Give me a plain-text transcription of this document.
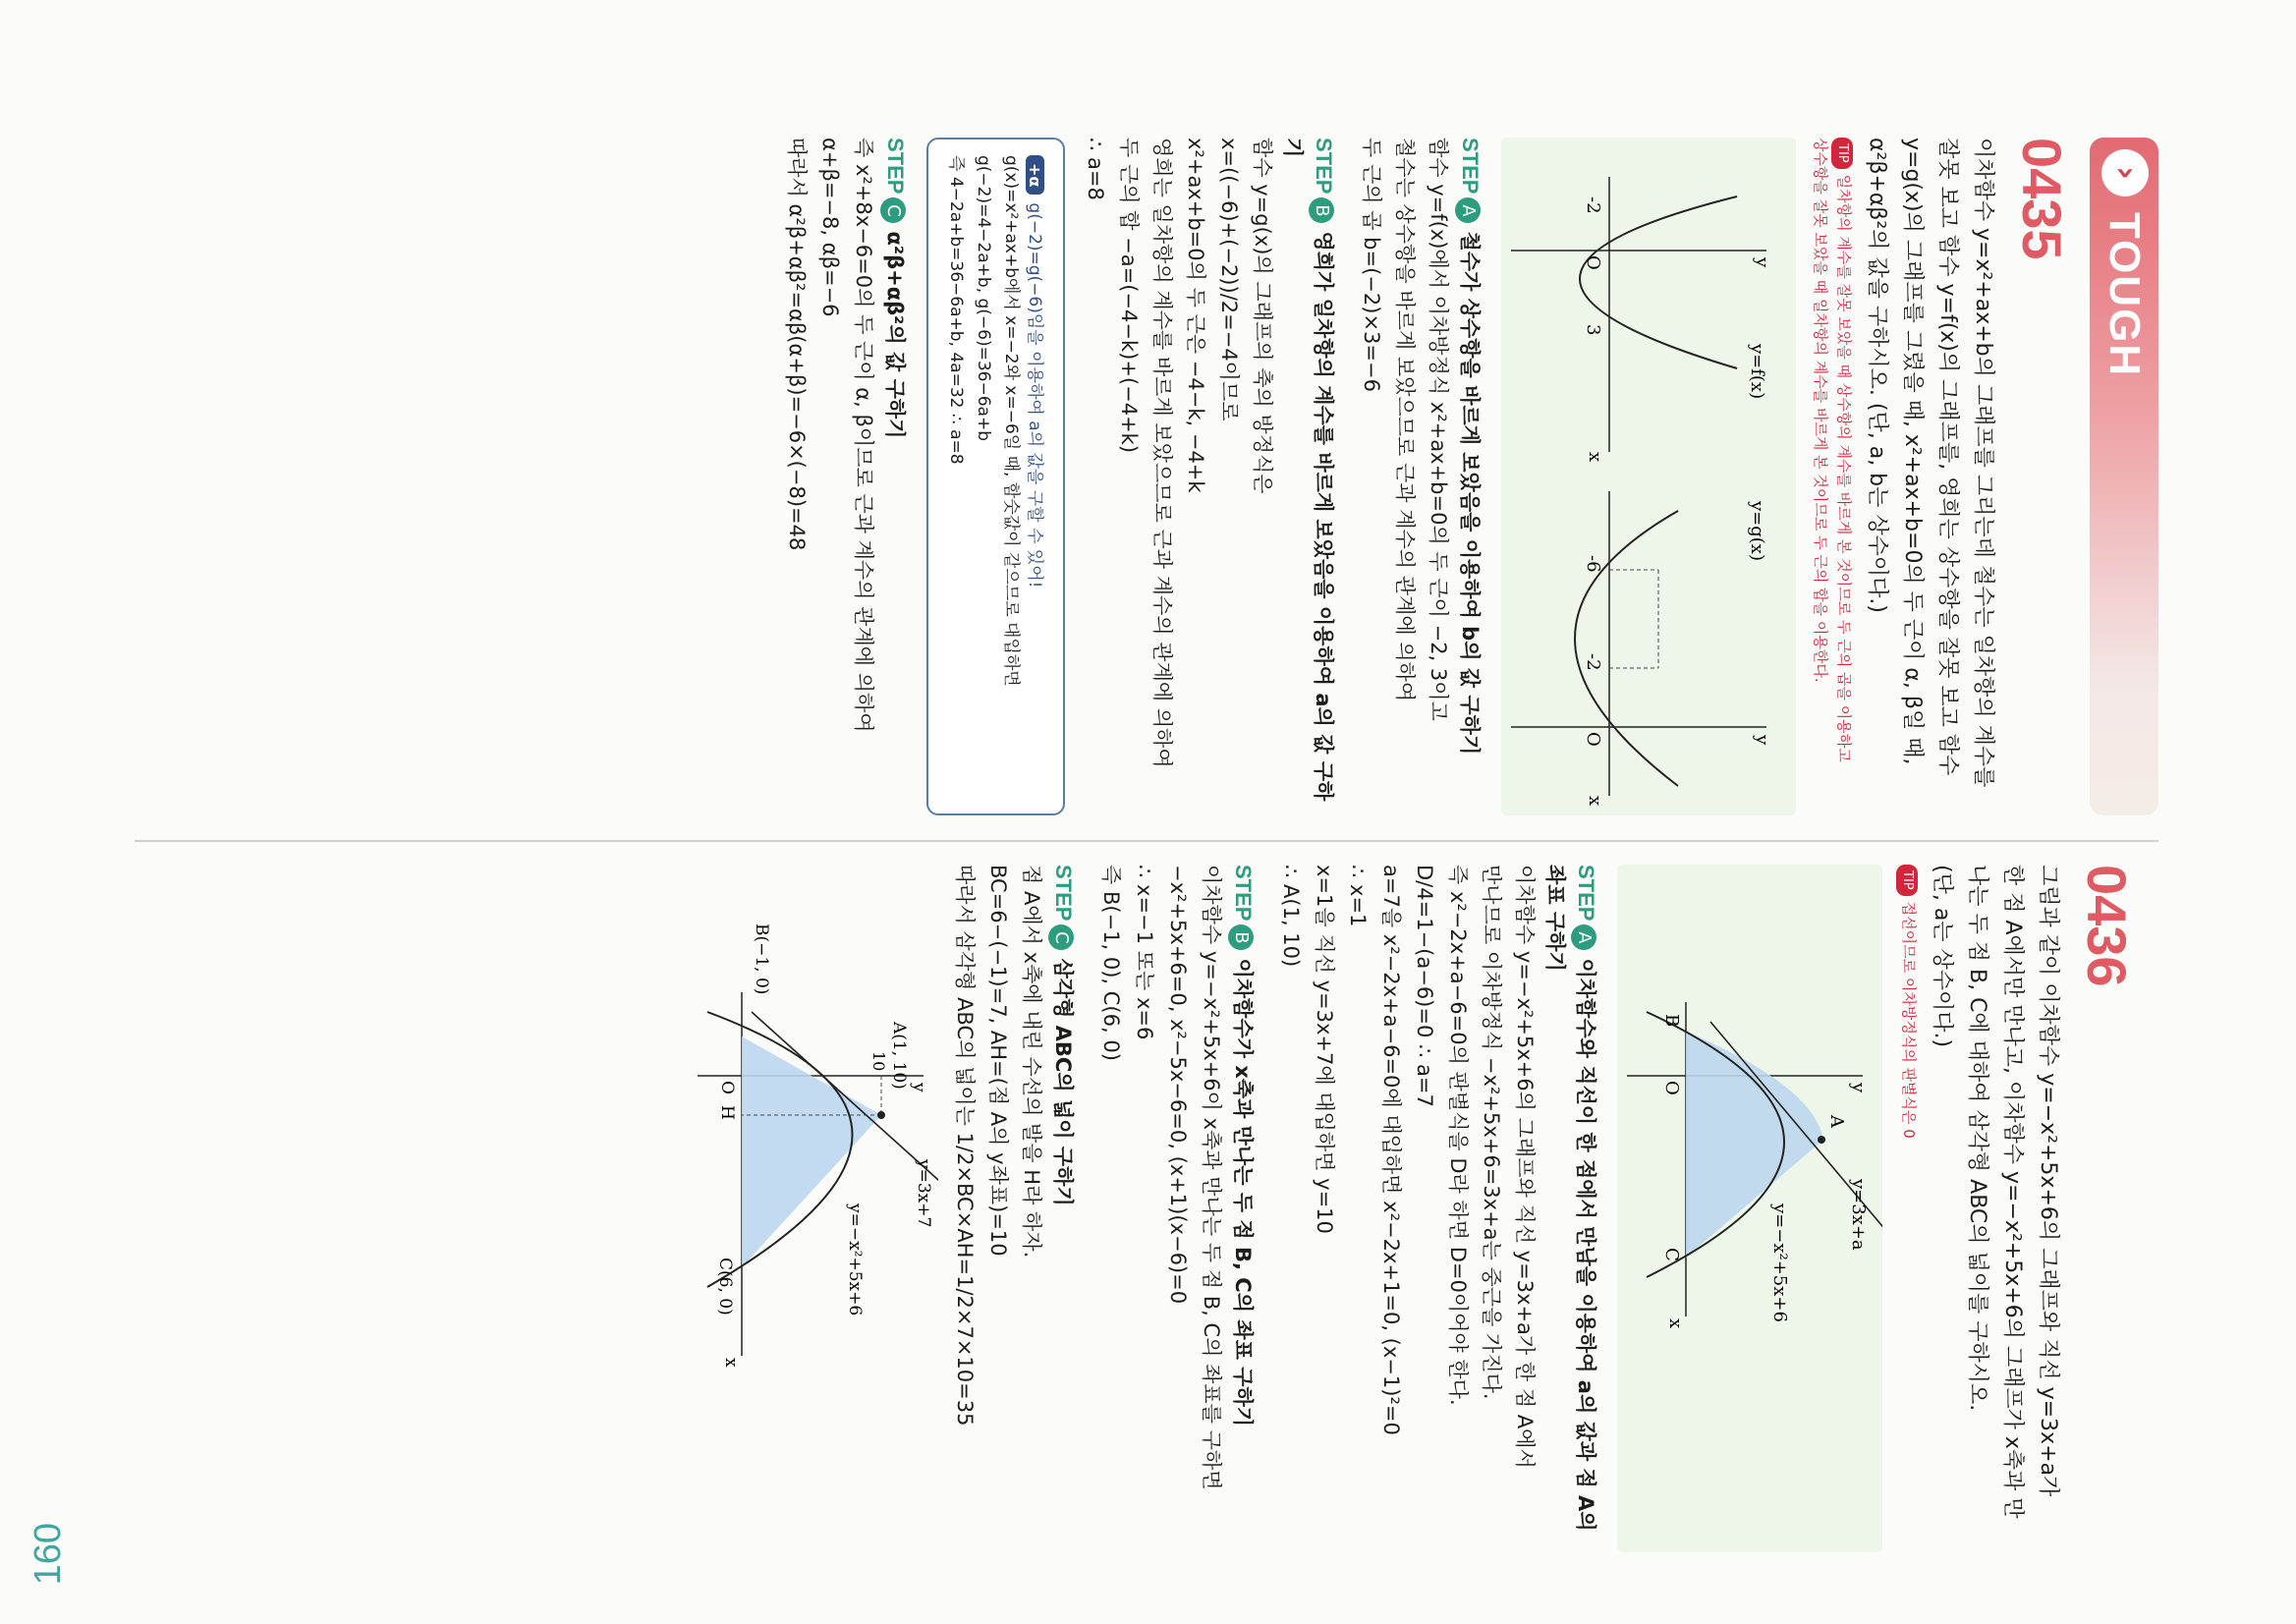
160
›
TOUGH
0435
이차함수 y=x²+ax+b의 그래프를 그리는데 철수는 일차항의 계수를
잘못 보고 함수 y=f(x)의 그래프를, 영희는 상수항을 잘못 보고 함수
y=g(x)의 그래프를 그렸을 때, x²+ax+b=0의 두 근이 α, β일 때,
α²β+αβ²의 값을 구하시오. (단, a, b는 상수이다.)
TIP일차항의 계수를 잘못 보았을 때 상수항의 계수를 바르게 본 것이므로 두 근의 곱을 이용하고
상수항을 잘못 보았을 때 일차항의 계수를 바르게 본 것이므로 두 근의 합을 이용한다.
x
y
-2
O
3
y=f(x)
x
y
-6
-2
O
y=g(x)
STEPA철수가 상수항을 바르게 보았음을 이용하여 b의 값 구하기
함수 y=f(x)에서 이차방정식 x²+ax+b=0의 두 근이 −2, 3이고
철수는 상수항을 바르게 보았으므로 근과 계수의 관계에 의하여
두 근의 곱 b=(−2)×3=−6
STEPB영희가 일차항의 계수를 바르게 보았음을 이용하여 a의 값 구하기
함수 y=g(x)의 그래프의 축의 방정식은
x=((−6)+(−2))/2=−4이므로
x²+ax+b=0의 두 근은 −4−k, −4+k
영희는 일차항의 계수를 바르게 보았으므로 근과 계수의 관계에 의하여
두 근의 합 −a=(−4−k)+(−4+k)
∴ a=8
+αg(−2)=g(−6)임을 이용하여 a의 값을 구할 수 있어!
g(x)=x²+ax+b에서 x=−2와 x=−6일 때, 함숫값이 같으므로 대입하면
g(−2)=4−2a+b, g(−6)=36−6a+b
즉 4−2a+b=36−6a+b, 4a=32 ∴ a=8
STEPCα²β+αβ²의 값 구하기
즉 x²+8x−6=0의 두 근이 α, β이므로 근과 계수의 관계에 의하여
α+β=−8, αβ=−6
따라서 α²β+αβ²=αβ(α+β)=−6×(−8)=48
0436
그림과 같이 이차함수 y=−x²+5x+6의 그래프와 직선 y=3x+a가
한 점 A에서만 만나고, 이차함수 y=−x²+5x+6의 그래프가 x축과 만
나는 두 점 B, C에 대하여 삼각형 ABC의 넓이를 구하시오.
(단, a는 상수이다.)
TIP접선이므로 이차방정식의 판별식은 0
A
B
O
C
x
y
y=3x+a
y=−x²+5x+6
STEPA이차함수와 직선이 한 점에서 만남을 이용하여 a의 값과 점 A의 좌표 구하기
이차함수 y=−x²+5x+6의 그래프와 직선 y=3x+a가 한 점 A에서
만나므로 이차방정식 −x²+5x+6=3x+a는 중근을 가진다.
즉 x²−2x+a−6=0의 판별식을 D라 하면 D=0이어야 한다.
D/4=1−(a−6)=0 ∴ a=7
a=7을 x²−2x+a−6=0에 대입하면 x²−2x+1=0, (x−1)²=0
∴ x=1
x=1을 직선 y=3x+7에 대입하면 y=10
∴ A(1, 10)
STEPB이차함수가 x축과 만나는 두 점 B, C의 좌표 구하기
이차함수 y=−x²+5x+6이 x축과 만나는 두 점 B, C의 좌표를 구하면
−x²+5x+6=0, x²−5x−6=0, (x+1)(x−6)=0
∴ x=−1 또는 x=6
즉 B(−1, 0), C(6, 0)
STEPC삼각형 ABC의 넓이 구하기
점 A에서 x축에 내린 수선의 발을 H라 하자.
BC=6−(−1)=7, AH=(점 A의 y좌표)=10
따라서 삼각형 ABC의 넓이는 1/2×BC×AH=1/2×7×10=35
A(1, 10)
10
B(−1, 0)
O
H
C(6, 0)
x
y
y=3x+7
y=−x²+5x+6
